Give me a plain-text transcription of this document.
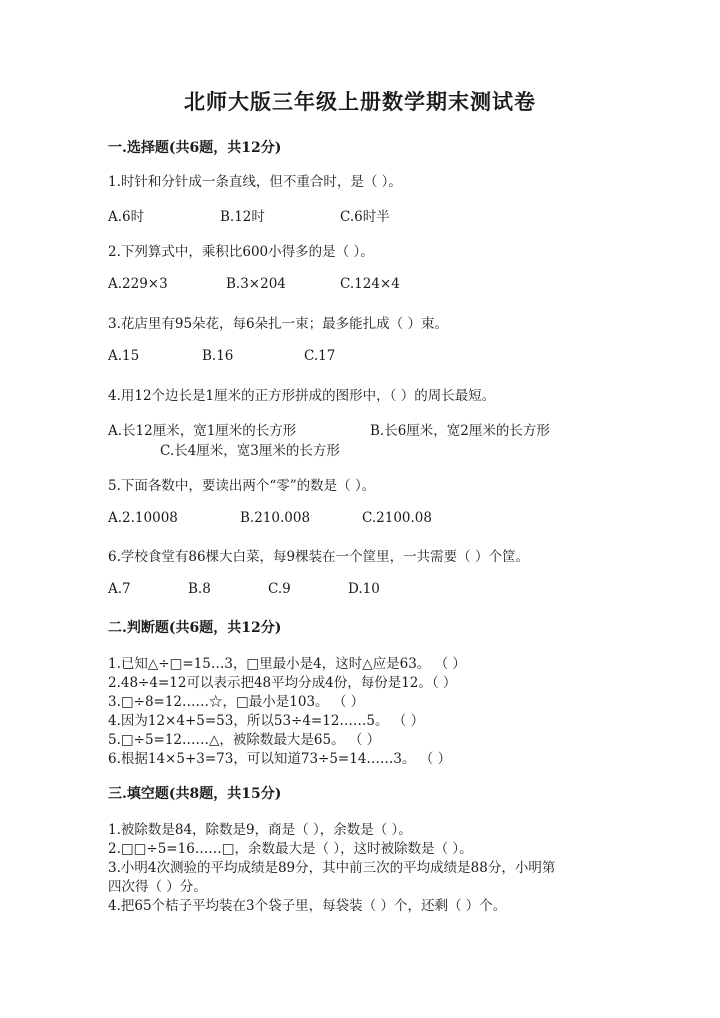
北师大版三年级上册数学期末测试卷
一.选择题(共6题，共12分)
1.时针和分针成一条直线，但不重合时，是（ ）。
A.6时	B.12时	C.6时半
2.下列算式中，乘积比600小得多的是（ ）。
A.229×3	B.3×204	C.124×4
3.花店里有95朵花，每6朵扎一束；最多能扎成（ ）束。
A.15	B.16	C.17
4.用12个边长是1厘米的正方形拼成的图形中，（ ）的周长最短。
A.长12厘米，宽1厘米的长方形	B.长6厘米，宽2厘米的长方形
C.长4厘米，宽3厘米的长方形
5.下面各数中，要读出两个“零”的数是（ ）。
A.2.10008	B.210.008	C.2100.08
6.学校食堂有86棵大白菜，每9棵装在一个筐里，一共需要（ ）个筐。
A.7	B.8	C.9	D.10
二.判断题(共6题，共12分)
1.已知△÷□=15…3，□里最小是4，这时△应是63。 （ ）
2.48÷4=12可以表示把48平均分成4份，每份是12。（ ）
3.□÷8=12……☆，□最小是103。 （ ）
4.因为12×4+5=53，所以53÷4=12……5。 （ ）
5.□÷5=12……△，被除数最大是65。 （ ）
6.根据14×5+3=73，可以知道73÷5=14……3。 （ ）
三.填空题(共8题，共15分)
1.被除数是84，除数是9，商是（ ），余数是（ ）。
2.□□÷5=16……□，余数最大是（ ），这时被除数是（ ）。
3.小明4次测验的平均成绩是89分，其中前三次的平均成绩是88分，小明第
四次得（ ）分。
4.把65个桔子平均装在3个袋子里，每袋装（ ）个，还剩（ ）个。
